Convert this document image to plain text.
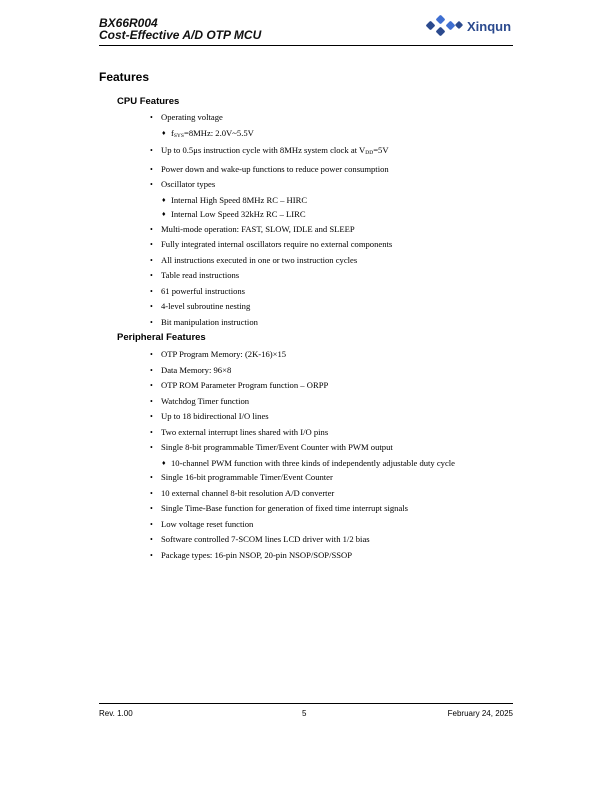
BX66R004
Cost-Effective A/D OTP MCU
Xinqun
Features
CPU Features
• Operating voltage
♦ $f_{SYS}=8MHz$: 2.0V~5.5V
• Up to 0.5μs instruction cycle with 8MHz system clock at $V_{DD}=5V$
• Power down and wake-up functions to reduce power consumption
• Oscillator types
♦ Internal High Speed 8MHz RC – HIRC
♦ Internal Low Speed 32kHz RC – LIRC
• Multi-mode operation: FAST, SLOW, IDLE and SLEEP
• Fully integrated internal oscillators require no external components
• All instructions executed in one or two instruction cycles
• Table read instructions
• 61 powerful instructions
• 4-level subroutine nesting
• Bit manipulation instruction
Peripheral Features
• OTP Program Memory: (2K-16)×15
• Data Memory: 96×8
• OTP ROM Parameter Program function – ORPP
• Watchdog Timer function
• Up to 18 bidirectional I/O lines
• Two external interrupt lines shared with I/O pins
• Single 8-bit programmable Timer/Event Counter with PWM output
♦ 10-channel PWM function with three kinds of independently adjustable duty cycle
• Single 16-bit programmable Timer/Event Counter
• 10 external channel 8-bit resolution A/D converter
• Single Time-Base function for generation of fixed time interrupt signals
• Low voltage reset function
• Software controlled 7-SCOM lines LCD driver with 1/2 bias
• Package types: 16-pin NSOP, 20-pin NSOP/SOP/SSOP
Rev. 1.00	5	February 24, 2025
